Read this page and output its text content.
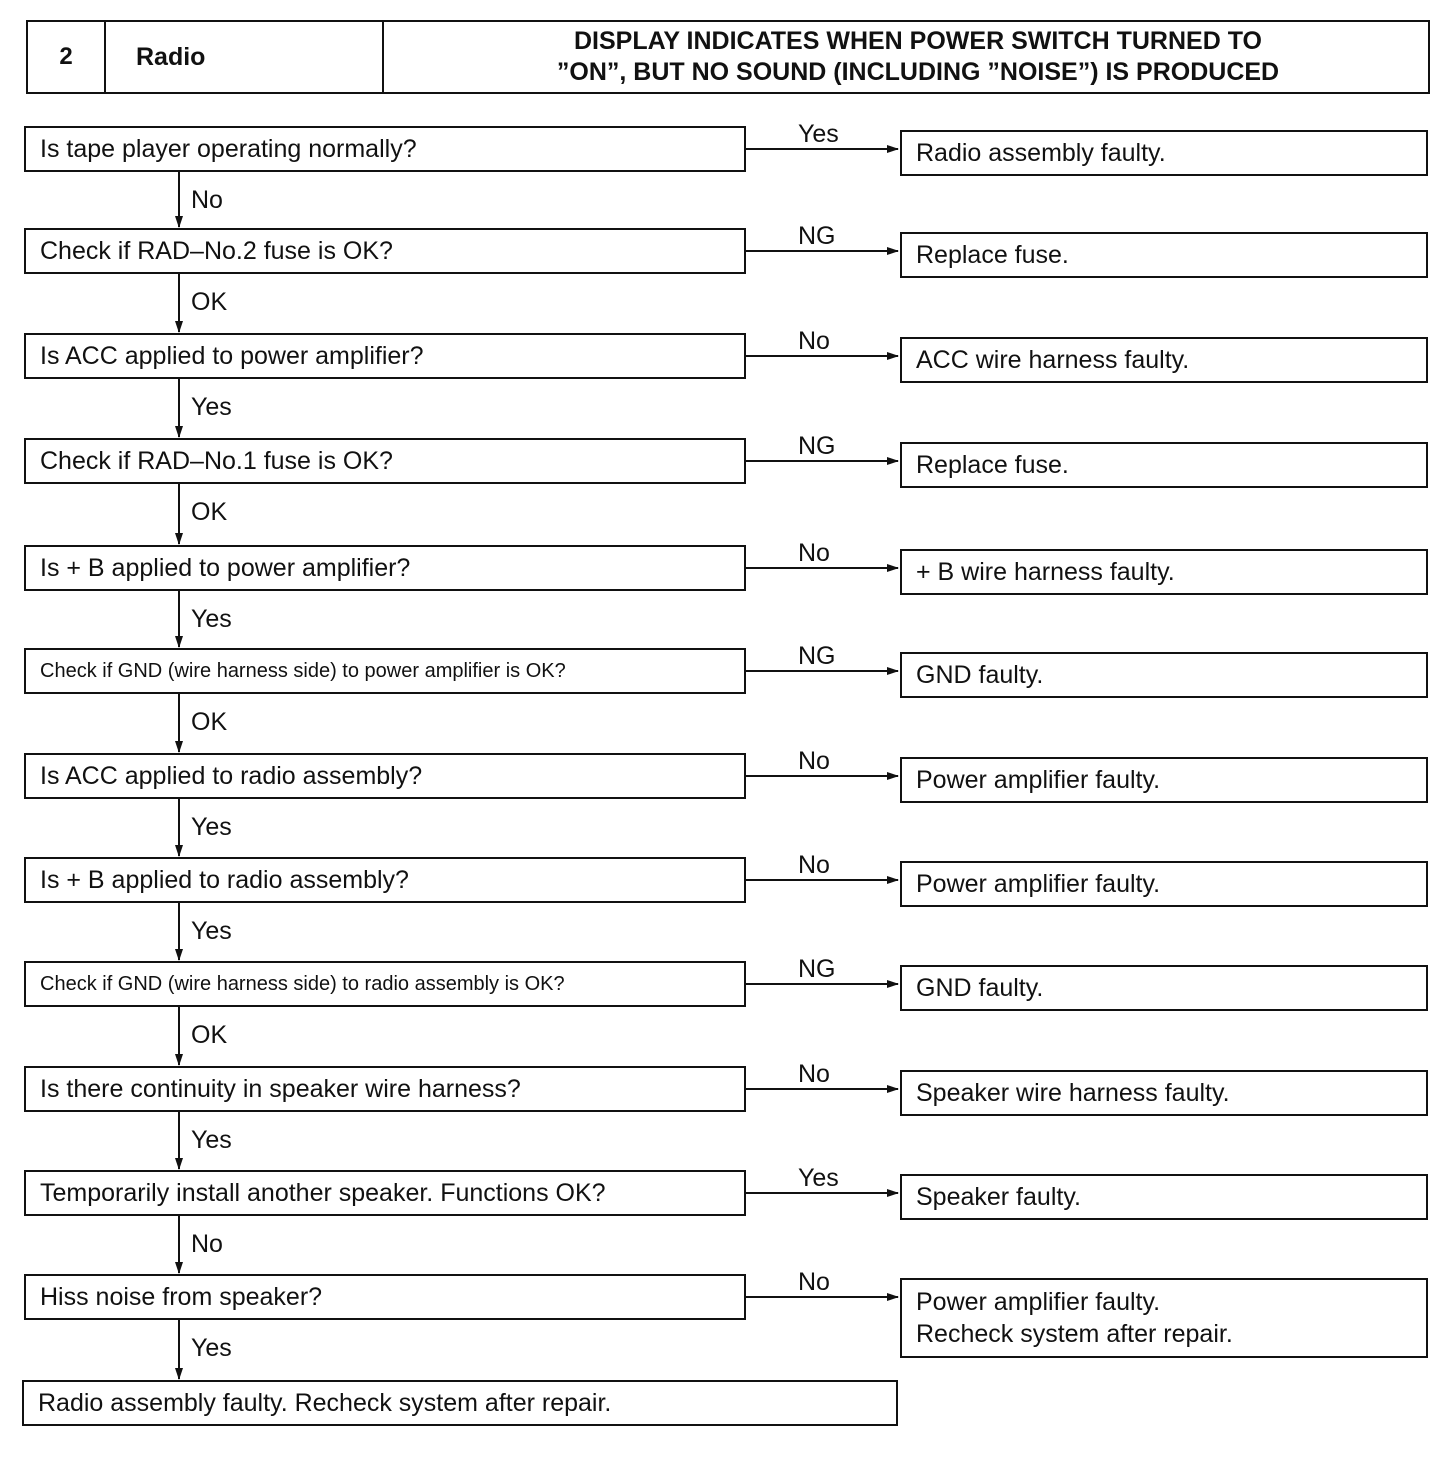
2	Radio
DISPLAY INDICATES WHEN POWER SWITCH TURNED TO
”ON”, BUT NO SOUND (INCLUDING ”NOISE”) IS PRODUCED
Is tape player operating normally?	Radio assembly faulty.
Yes
No
Check if RAD–No.2 fuse is OK?	Replace fuse.
NG
OK
Is ACC applied to power amplifier?	ACC wire harness faulty.
No
Yes
Check if RAD–No.1 fuse is OK?	Replace fuse.
NG
OK
Is + B applied to power amplifier?	+ B wire harness faulty.
No
Yes
Check if GND (wire harness side) to power amplifier is OK?	GND faulty.
NG
OK
Is ACC applied to radio assembly?	Power amplifier faulty.
No
Yes
Is + B applied to radio assembly?	Power amplifier faulty.
No
Yes
Check if GND (wire harness side) to radio assembly is OK?	GND faulty.
NG
OK
Is there continuity in speaker wire harness?	Speaker wire harness faulty.
No
Yes
Temporarily install another speaker. Functions OK?	Speaker faulty.
Yes
No
Hiss noise from speaker?	Power amplifier faulty.
Recheck system after repair.
No
Yes
Radio assembly faulty. Recheck system after repair.
